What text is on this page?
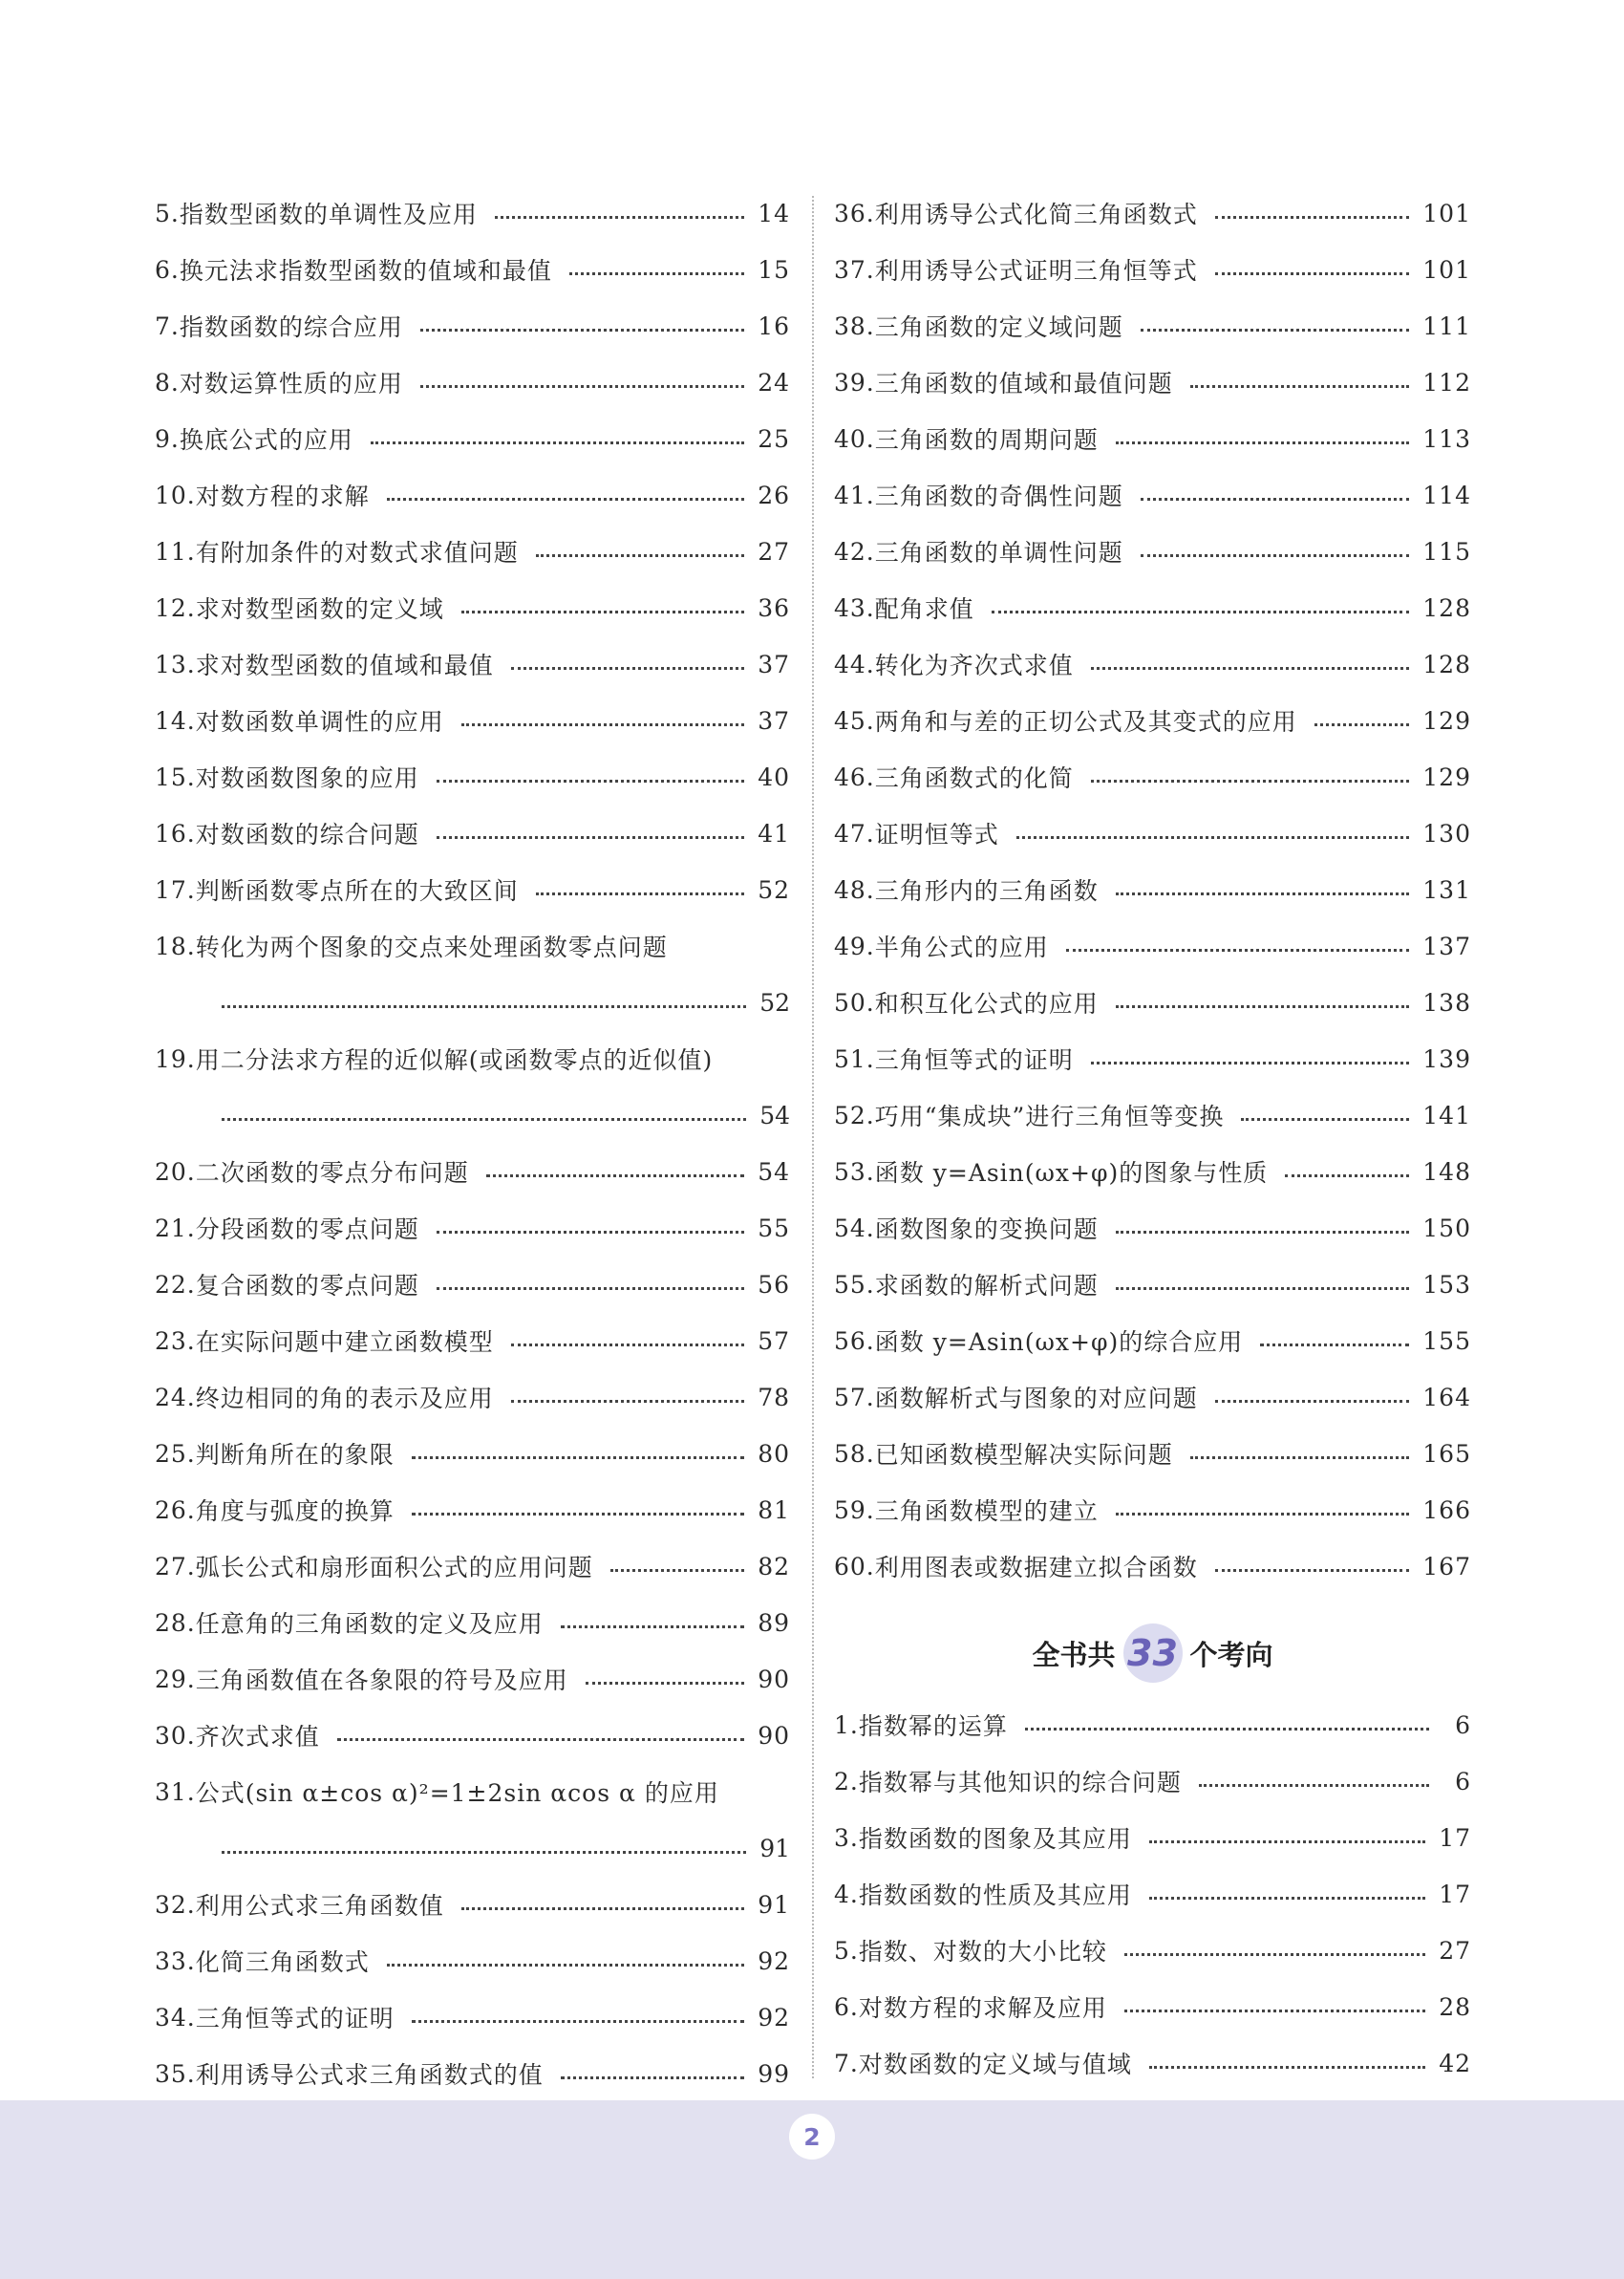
5. 指数型函数的单调性及应用	14
6. 换元法求指数型函数的值域和最值	15
7. 指数函数的综合应用	16
8. 对数运算性质的应用	24
9. 换底公式的应用	25
10. 对数方程的求解	26
11. 有附加条件的对数式求值问题	27
12. 求对数型函数的定义域	36
13. 求对数型函数的值域和最值	37
14. 对数函数单调性的应用	37
15. 对数函数图象的应用	40
16. 对数函数的综合问题	41
17. 判断函数零点所在的大致区间	52
18. 转化为两个图象的交点来处理函数零点问题
52
19. 用二分法求方程的近似解(或函数零点的近似值)
54
20. 二次函数的零点分布问题	54
21. 分段函数的零点问题	55
22. 复合函数的零点问题	56
23. 在实际问题中建立函数模型	57
24. 终边相同的角的表示及应用	78
25. 判断角所在的象限	80
26. 角度与弧度的换算	81
27. 弧长公式和扇形面积公式的应用问题	82
28. 任意角的三角函数的定义及应用	89
29. 三角函数值在各象限的符号及应用	90
30. 齐次式求值	90
31. 公式(sin α±cos α)²=1±2sin αcos α 的应用
91
32. 利用公式求三角函数值	91
33. 化简三角函数式	92
34. 三角恒等式的证明	92
35. 利用诱导公式求三角函数式的值	99
36. 利用诱导公式化简三角函数式	101
37. 利用诱导公式证明三角恒等式	101
38. 三角函数的定义域问题	111
39. 三角函数的值域和最值问题	112
40. 三角函数的周期问题	113
41. 三角函数的奇偶性问题	114
42. 三角函数的单调性问题	115
43. 配角求值	128
44. 转化为齐次式求值	128
45. 两角和与差的正切公式及其变式的应用	129
46. 三角函数式的化简	129
47. 证明恒等式	130
48. 三角形内的三角函数	131
49. 半角公式的应用	137
50. 和积互化公式的应用	138
51. 三角恒等式的证明	139
52. 巧用“集成块”进行三角恒等变换	141
53. 函数 y=Asin(ωx+φ)的图象与性质	148
54. 函数图象的变换问题	150
55. 求函数的解析式问题	153
56. 函数 y=Asin(ωx+φ)的综合应用	155
57. 函数解析式与图象的对应问题	164
58. 已知函数模型解决实际问题	165
59. 三角函数模型的建立	166
60. 利用图表或数据建立拟合函数	167
1. 指数幂的运算	6
2. 指数幂与其他知识的综合问题	6
3. 指数函数的图象及其应用	17
4. 指数函数的性质及其应用	17
5. 指数、对数的大小比较	27
6. 对数方程的求解及应用	28
7. 对数函数的定义域与值域	42
全书共 33 个考向
2
